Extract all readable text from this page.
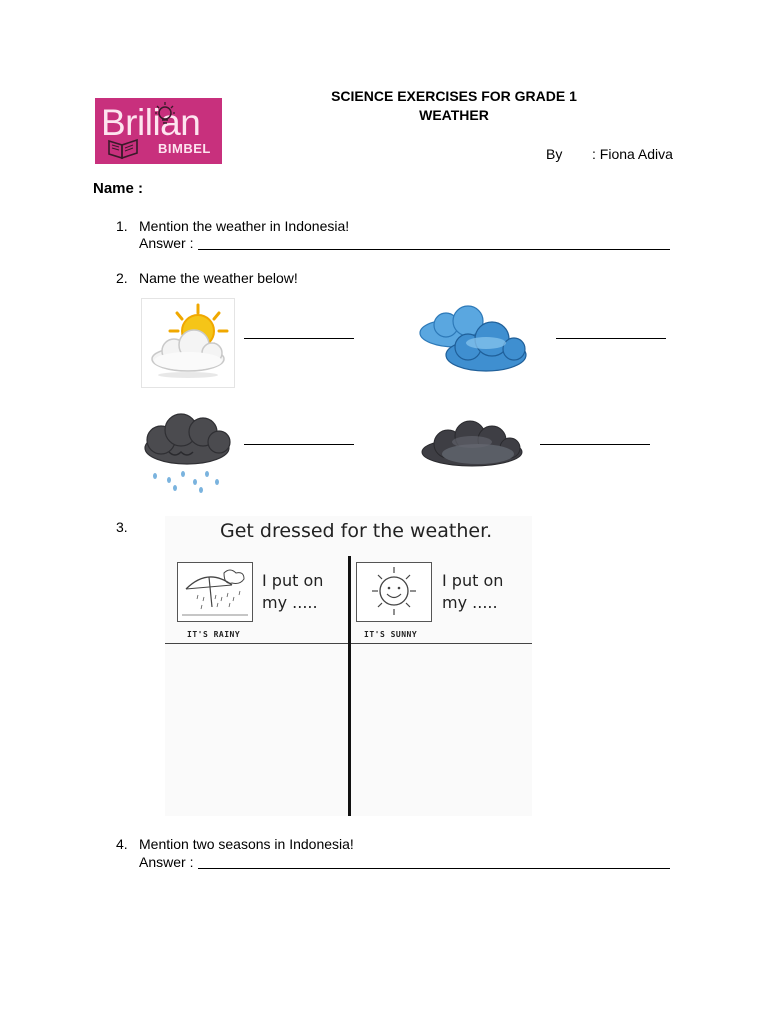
Brilian
BIMBEL
SCIENCE EXERCISES FOR GRADE 1
WEATHER
By : Fiona Adiva
Name :
1. Mention the weather in Indonesia!
Answer :
2. Name the weather below!
3.	Get dressed for the weather.
I put on
my .....
IT'S RAINY
I put on
my .....
IT'S SUNNY
4. Mention two seasons in Indonesia!
Answer :
